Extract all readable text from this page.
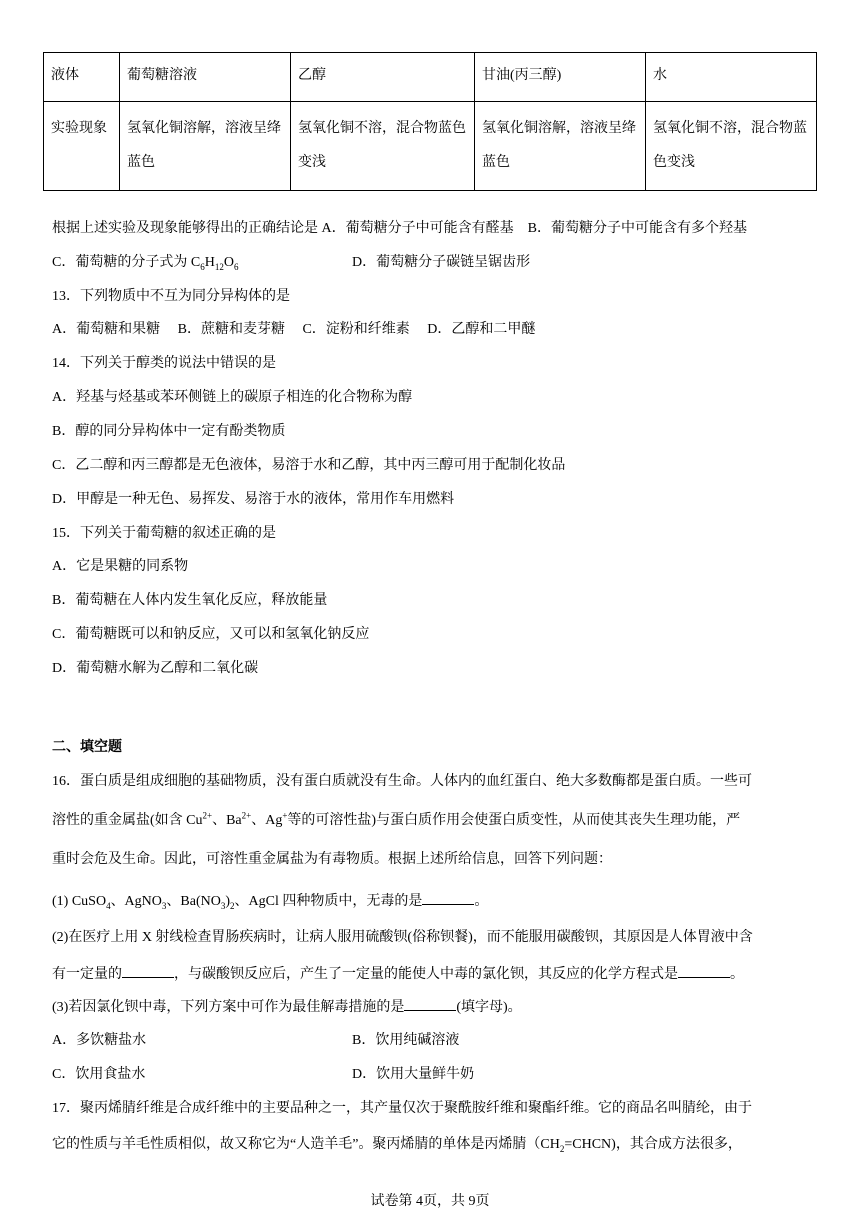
液体	葡萄糖溶液	乙醇	甘油(丙三醇)	水
实验现象	氢氧化铜溶解，溶液呈绛蓝色	氢氧化铜不溶，混合物蓝色变浅	氢氧化铜溶解，溶液呈绛蓝色	氢氧化铜不溶，混合物蓝色变浅
根据上述实验及现象能够得出的正确结论是 A．葡萄糖分子中可能含有醛基　B．葡萄糖分子中可能含有多个羟基
C．葡萄糖的分子式为 $C_6H_{12}O_6$	D．葡萄糖分子碳链呈锯齿形
13．下列物质中不互为同分异构体的是
A．葡萄糖和果糖　 B．蔗糖和麦芽糖　 C．淀粉和纤维素　 D．乙醇和二甲醚
14．下列关于醇类的说法中错误的是
A．羟基与烃基或苯环侧链上的碳原子相连的化合物称为醇
B．醇的同分异构体中一定有酚类物质
C．乙二醇和丙三醇都是无色液体，易溶于水和乙醇，其中丙三醇可用于配制化妆品
D．甲醇是一种无色、易挥发、易溶于水的液体，常用作车用燃料
15．下列关于葡萄糖的叙述正确的是
A．它是果糖的同系物
B．葡萄糖在人体内发生氧化反应，释放能量
C．葡萄糖既可以和钠反应，又可以和氢氧化钠反应
D．葡萄糖水解为乙醇和二氧化碳
二、填空题
16．蛋白质是组成细胞的基础物质，没有蛋白质就没有生命。人体内的血红蛋白、绝大多数酶都是蛋白质。一些可
溶性的重金属盐(如含 $Cu^{2+}$、$Ba^{2+}$、Ag+等的可溶性盐)与蛋白质作用会使蛋白质变性，从而使其丧失生理功能，严
重时会危及生命。因此，可溶性重金属盐为有毒物质。根据上述所给信息，回答下列问题：
(1) CuSO$_4$、AgNO$_3$、$Ba(NO_3)_2$、AgCl 四种物质中，无毒的是	。
(2)在医疗上用 X 射线检查胃肠疾病时，让病人服用硫酸钡(俗称钡餐)，而不能服用碳酸钡，其原因是人体胃液中含
有一定量的	，与碳酸钡反应后，产生了一定量的能使人中毒的氯化钡，其反应的化学方程式是	。
(3)若因氯化钡中毒，下列方案中可作为最佳解毒措施的是	(填字母)。
A．多饮糖盐水	B．饮用纯碱溶液
C．饮用食盐水	D．饮用大量鲜牛奶
17．聚丙烯腈纤维是合成纤维中的主要品种之一，其产量仅次于聚酰胺纤维和聚酯纤维。它的商品名叫腈纶，由于
它的性质与羊毛性质相似，故又称它为“人造羊毛”。聚丙烯腈的单体是丙烯腈$(CH_2=CHCN)$，其合成方法很多，
试卷第 4页，共 9页
